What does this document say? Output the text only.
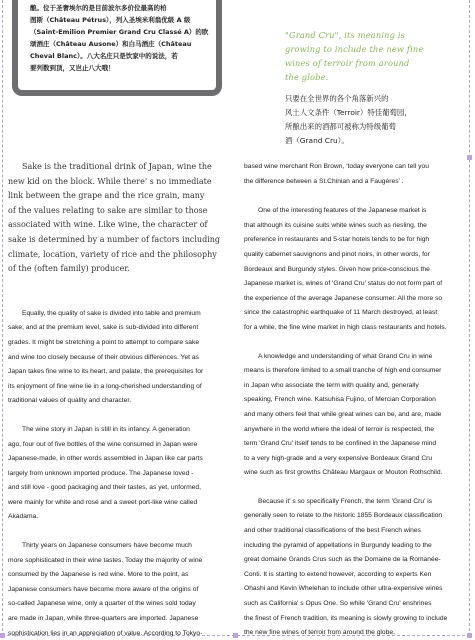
酿。位于圣奢埃尔的是目前波尔多价位最高的柏
图斯（Château Pétrus），列入圣埃米利翁优级 A 级
（Saint-Emilion Premier Grand Cru Classé A）的欧
颂酒庄（Château Ausone）和白马酒庄（Château
Cheval Blanc）。八大名庄只是饮家中的说法，若
要列数到顶，又岂止八大哦！

"Grand Cru", its meaning is
growing to include the new fine
wines of terroir from around
the globe.
只要在全世界的各个角落新兴的
风土人文条件（Terroir）特佳葡萄园，
所酿出来的酒都可被称为特级葡萄
酒（Grand Cru）。
Sake is the traditional drink of Japan, wine the
new kid on the block. While there' s no immediate
link between the grape and the rice grain, many
of the values relating to sake are similar to those
associated with wine. Like wine, the character of
sake is determined by a number of factors including
climate, location, variety of rice and the philosophy
of the (often family) producer.
Equally, the quality of sake is divided into table and premium
sake, and at the premium level, sake is sub-divided into different
grades. It might be stretching a point to attempt to compare sake
and wine too closely because of their obvious differences. Yet as
Japan takes fine wine to its heart, and palate, the prerequisites for
its enjoyment of fine wine lie in a long-cherished understanding of
traditional values of quality and character.
The wine story in Japan is still in its infancy. A generation
ago, four out of five bottles of the wine consumed in Japan were
Japanese-made, in other words assembled in Japan like car parts
largely from unknown imported produce. The Japanese loved -
and still love - good packaging and their tastes, as yet, unformed,
were mainly for white and rosé and a sweet port-like wine called
Akadama.
Thirty years on Japanese consumers have become much
more sophisticated in their wine tastes. Today the majority of wine
consumed by the Japanese is red wine. More to the point, as
Japanese consumers have become more aware of the origins of
so-called Japanese wine, only a quarter of the wines sold today
are made in Japan, while three-quarters are imported. Japanese
sophistication lies in an appreciation of value. According to Tokyo-
based wine merchant Ron Brown, 'today everyone can tell you
the difference between a St.Chinian and a Faugères' .
One of the interesting features of the Japanese market is
that although its cuisine suits white wines such as riesling, the
preference in restaurants and 5-star hotels tends to be for high
quality cabernet sauvignons and pinot noirs, in other words, for
Bordeaux and Burgundy styles. Given how price-conscious the
Japanese market is, wines of 'Grand Cru' status do not form part of
the experience of the average Japanese consumer. All the more so
since the catastrophic earthquake of 11 March destroyed, at least
for a while, the fine wine market in high class restaurants and hotels.
A knowledge and understanding of what Grand Cru in wine
means is therefore limited to a small tranche of high end consumer
in Japan who associate the term with quality and, generally
speaking, French wine. Katsuhisa Fujino, of Mercian Corporation
and many others feel that while great wines can be, and are, made
anywhere in the world where the ideal of terroir is respected, the
term 'Grand Cru' itself tends to be confined in the Japanese mind
to a very high-grade and a very expensive Bordeaux Grand Cru
wine such as first growths Château Margaux or Mouton Rothschild.
Because it' s so specifically French, the term 'Grand Cru' is
generally seen to relate to the historic 1855 Bordeaux classification
and other traditional classifications of the best French wines
including the pyramid of appellations in Burgundy leading to the
great domaine Grands Crus such as the Domaine de la Romanée-
Conti. It is starting to extend however, according to experts Ken
Ohashi and Kevin Whelehan to include other ultra-expensive wines
such as California' s Opus One. So while 'Grand Cru' enshrines
the finest of French tradition, its meaning is slowly growing to include
the new fine wines of terroir from around the globe.
